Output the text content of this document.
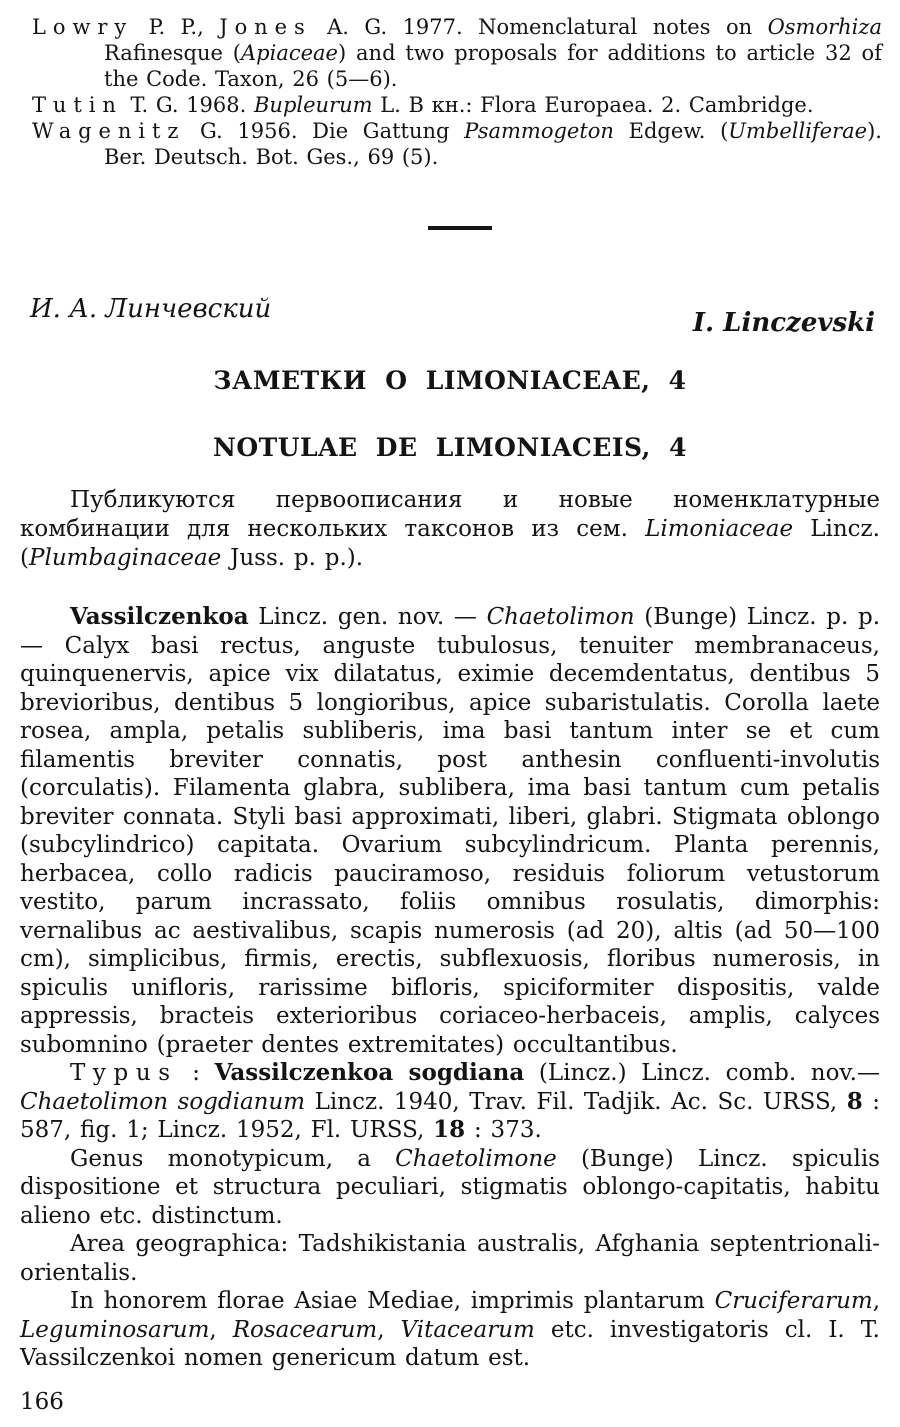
Lowry P. P., Jones A. G. 1977. Nomenclatural notes on Osmorhiza Rafinesque (Apiaceae) and two proposals for additions to article 32 of the Code. Taxon, 26 (5—6).

Tutin T. G. 1968. Bupleurum L. В кн.: Flora Europaea. 2. Cambridge.

Wagenitz G. 1956. Die Gattung Psammogeton Edgew. (Umbelliferae). Ber. Deutsch. Bot. Ges., 69 (5).

И. А. Линчевский	I. Linczevski
ЗАМЕТКИ О LIMONIACEAE, 4
NOTULAE DE LIMONIACEIS, 4

Публикуются первоописания и новые номенклатурные комбинации для нескольких таксонов из сем. Limoniaceae Lincz. (Plumbaginaceae Juss. p. p.).

Vassilczenkoa Lincz. gen. nov. — Chaetolimon (Bunge) Lincz. p. p. — Calyx basi rectus, anguste tubulosus, tenuiter membranaceus, quinquenervis, apice vix dilatatus, eximie decemdentatus, dentibus 5 brevioribus, dentibus 5 longioribus, apice subaristulatis. Corolla laete rosea, ampla, petalis subliberis, ima basi tantum inter se et cum filamentis breviter connatis, post anthesin confluenti-involutis (corculatis). Filamenta glabra, sublibera, ima basi tantum cum petalis breviter connata. Styli basi approximati, liberi, glabri. Stigmata oblongo (subcylindrico) capitata. Ovarium subcylindricum. Planta perennis, herbacea, collo radicis pauciramoso, residuis foliorum vetustorum vestito, parum incrassato, foliis omnibus rosulatis, dimorphis: vernalibus ac aestivalibus, scapis numerosis (ad 20), altis (ad 50—100 cm), simplicibus, firmis, erectis, subflexuosis, floribus numerosis, in spiculis unifloris, rarissime bifloris, spiciformiter dispositis, valde appressis, bracteis exterioribus coriaceo-herbaceis, amplis, calyces subomnino (praeter dentes extremitates) occultantibus.

Typus : Vassilczenkoa sogdiana (Lincz.) Lincz. comb. nov.— Chaetolimon sogdianum Lincz. 1940, Trav. Fil. Tadjik. Ac. Sc. URSS, 8 : 587, fig. 1; Lincz. 1952, Fl. URSS, 18 : 373.

Genus monotypicum, a Chaetolimone (Bunge) Lincz. spiculis dispositione et structura peculiari, stigmatis oblongo-capitatis, habitu alieno etc. distinctum.

Area geographica: Tadshikistania australis, Afghania septentrionali-orientalis.

In honorem florae Asiae Mediae, imprimis plantarum Cruciferarum, Leguminosarum, Rosacearum, Vitacearum etc. investigatoris cl. I. T. Vassilczenkoi nomen genericum datum est.

166
